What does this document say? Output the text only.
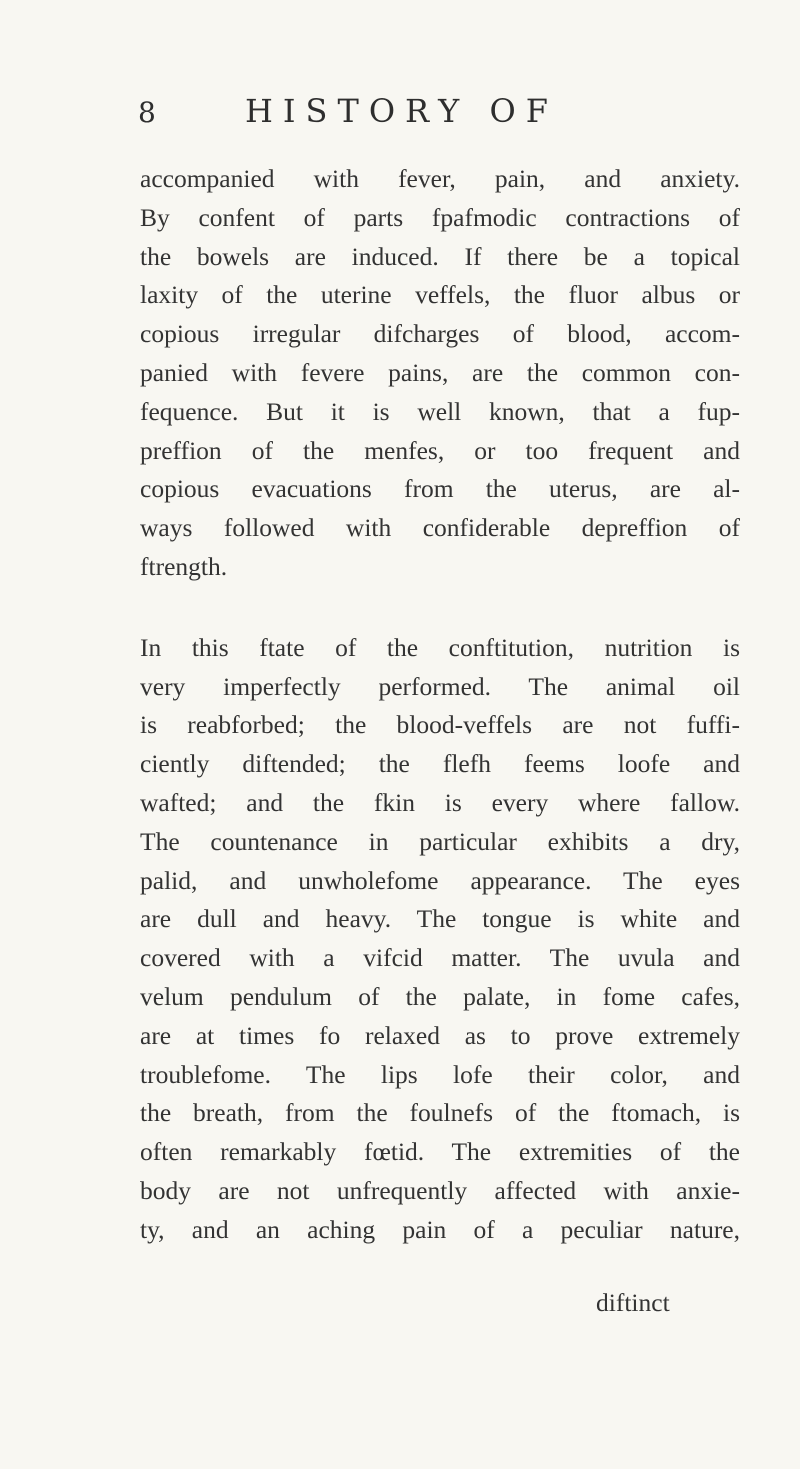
8	HISTORY OF
accompanied with fever, pain, and anxiety.
By confent of parts fpafmodic contractions of
the bowels are induced. If there be a topical
laxity of the uterine veffels, the fluor albus or
copious irregular difcharges of blood, accom-
panied with fevere pains, are the common con-
fequence. But it is well known, that a fup-
preffion of the menfes, or too frequent and
copious evacuations from the uterus, are al-
ways followed with confiderable depreffion of
ftrength.
In this ftate of the conftitution, nutrition is
very imperfectly performed. The animal oil
is reabforbed; the blood-veffels are not fuffi-
ciently diftended; the flefh feems loofe and
wafted; and the fkin is every where fallow.
The countenance in particular exhibits a dry,
palid, and unwholefome appearance. The eyes
are dull and heavy. The tongue is white and
covered with a vifcid matter. The uvula and
velum pendulum of the palate, in fome cafes,
are at times fo relaxed as to prove extremely
troublefome. The lips lofe their color, and
the breath, from the foulnefs of the ftomach, is
often remarkably fœtid. The extremities of the
body are not unfrequently affected with anxie-
ty, and an aching pain of a peculiar nature,
diftinct
